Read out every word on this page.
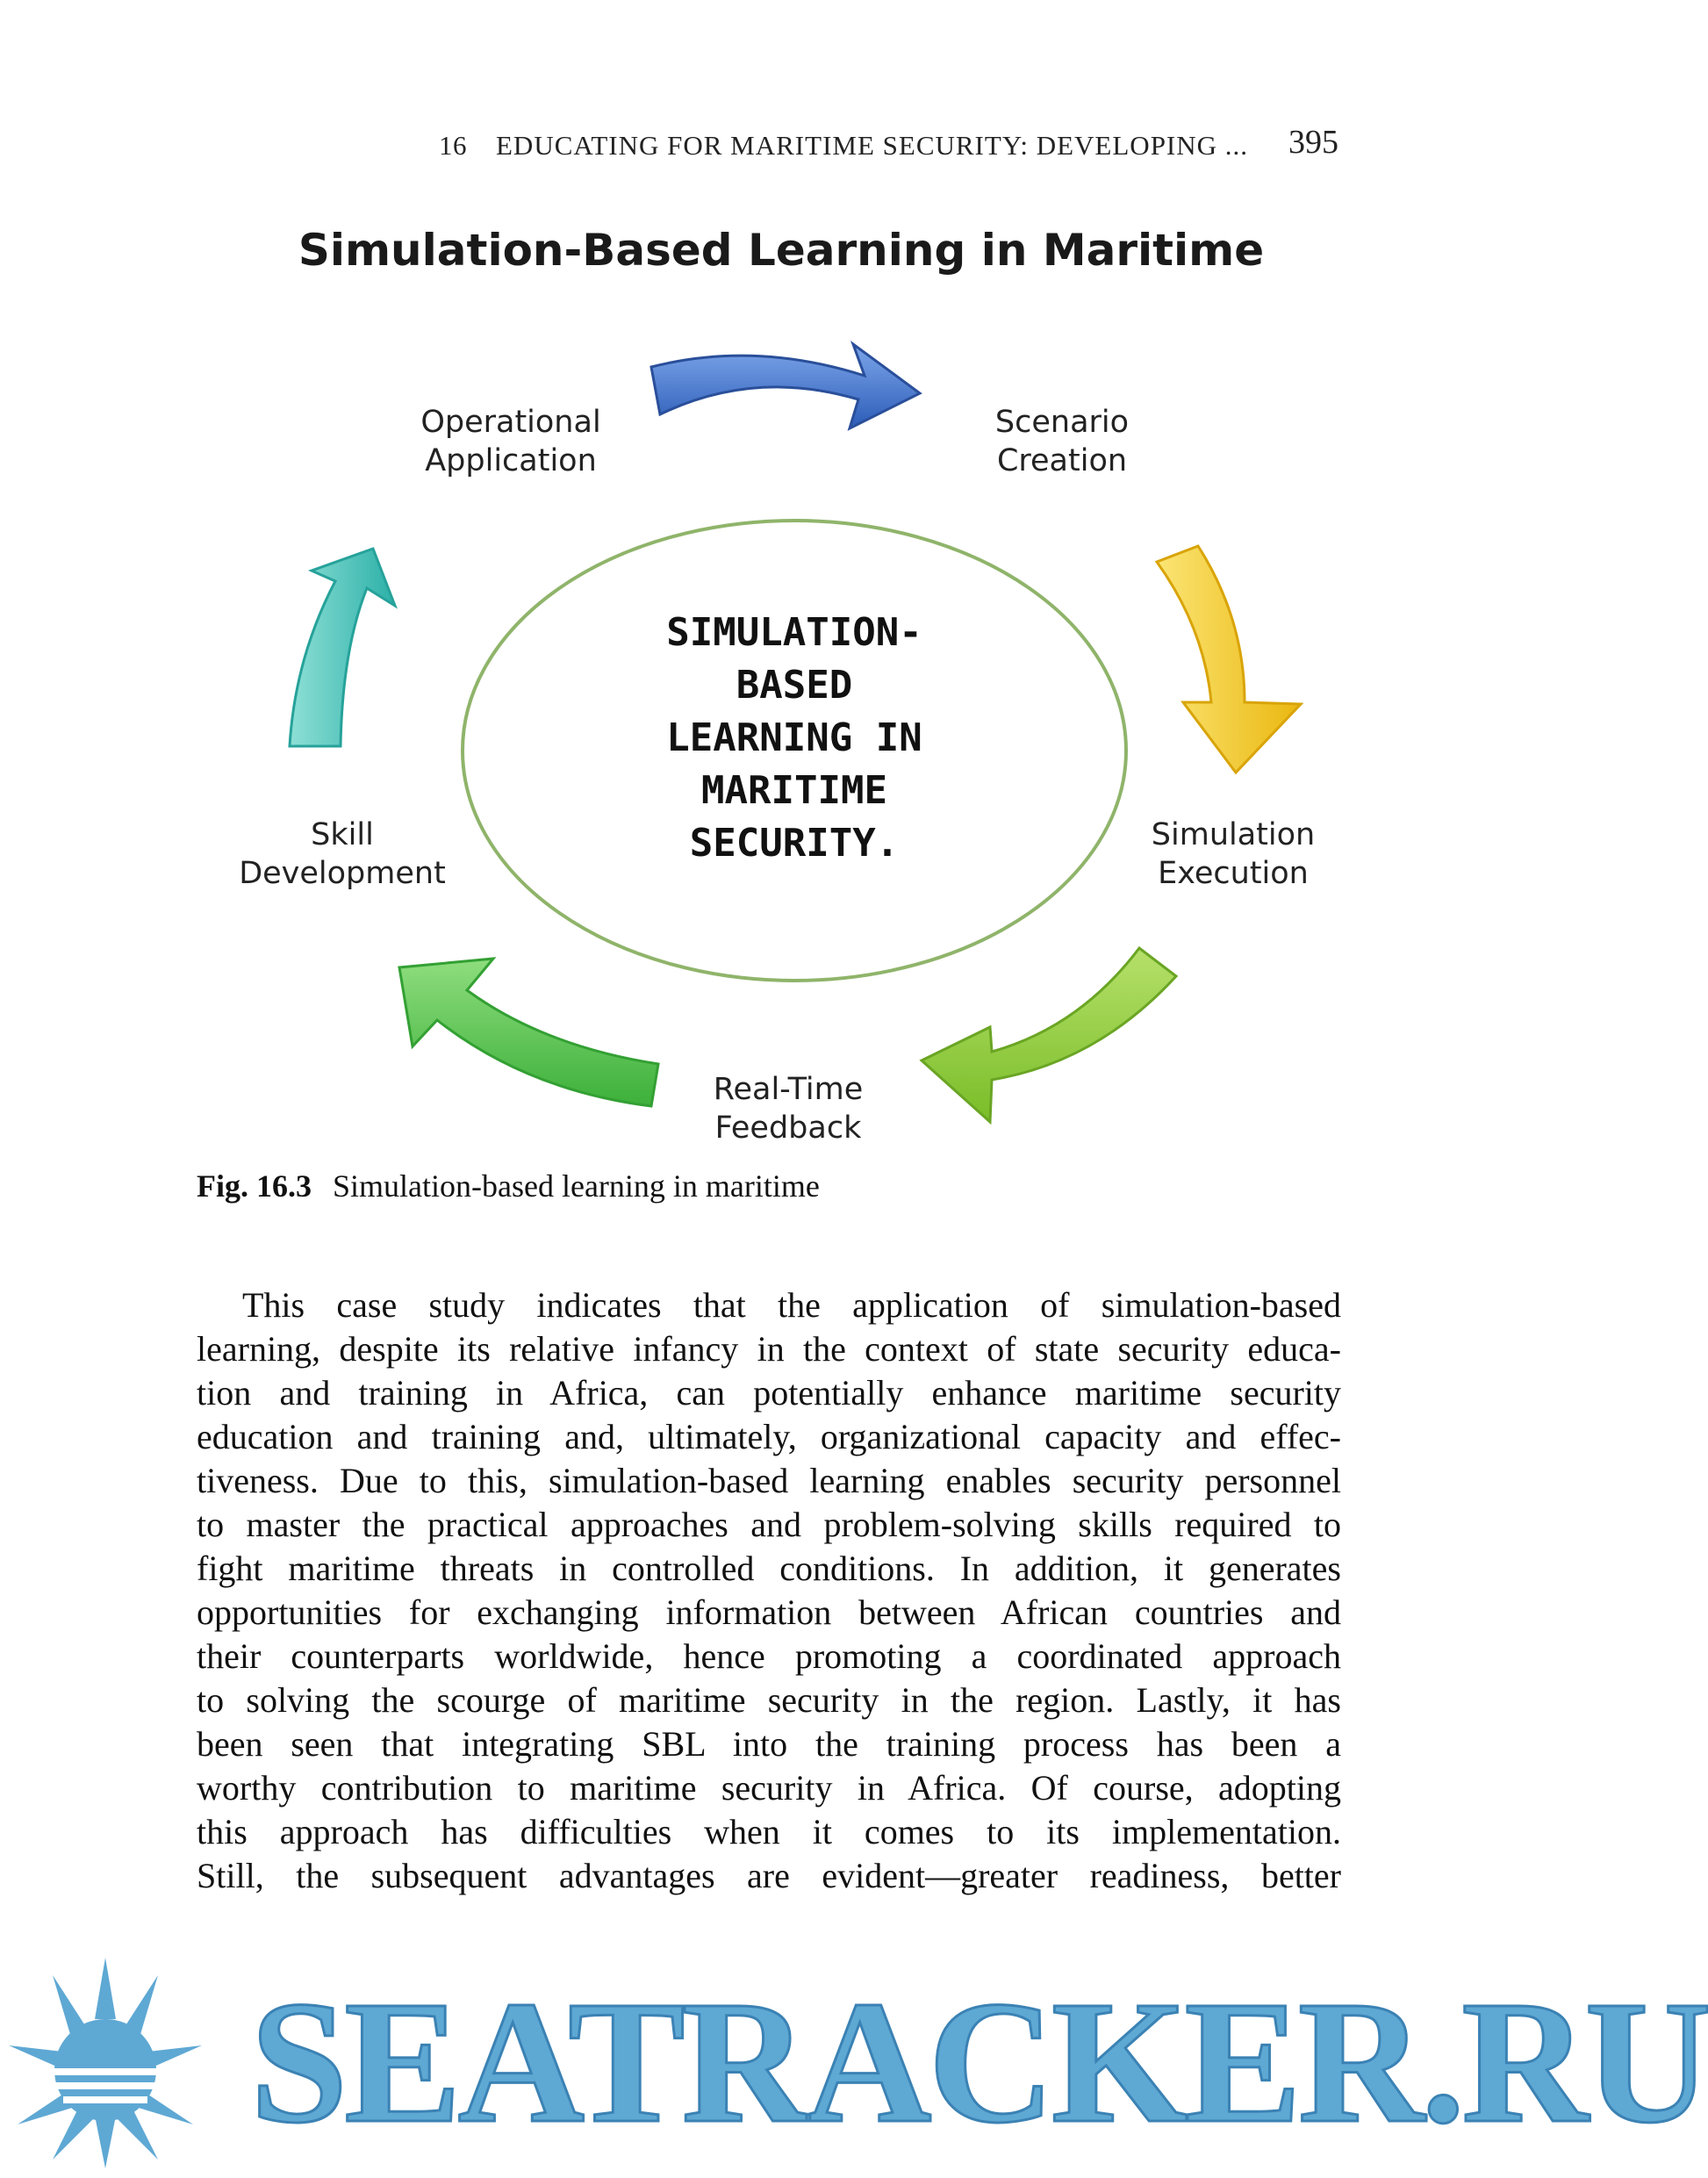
16 EDUCATING FOR MARITIME SECURITY: DEVELOPING ... 395
Simulation-Based Learning in Maritime
Operational
Application
Scenario
Creation
Simulation
Execution
Real-Time
Feedback
Skill
Development
SIMULATION-
BASED
LEARNING IN
MARITIME
SECURITY.
Fig. 16.3 Simulation-based learning in maritime

This case study indicates that the application of simulation-based
learning, despite its relative infancy in the context of state security educa-
tion and training in Africa, can potentially enhance maritime security
education and training and, ultimately, organizational capacity and effec-
tiveness. Due to this, simulation-based learning enables security personnel
to master the practical approaches and problem-solving skills required to
fight maritime threats in controlled conditions. In addition, it generates
opportunities for exchanging information between African countries and
their counterparts worldwide, hence promoting a coordinated approach
to solving the scourge of maritime security in the region. Lastly, it has
been seen that integrating SBL into the training process has been a
worthy contribution to maritime security in Africa. Of course, adopting
this approach has difficulties when it comes to its implementation.
Still, the subsequent advantages are evident—greater readiness, better

SEATRACKER.RU
